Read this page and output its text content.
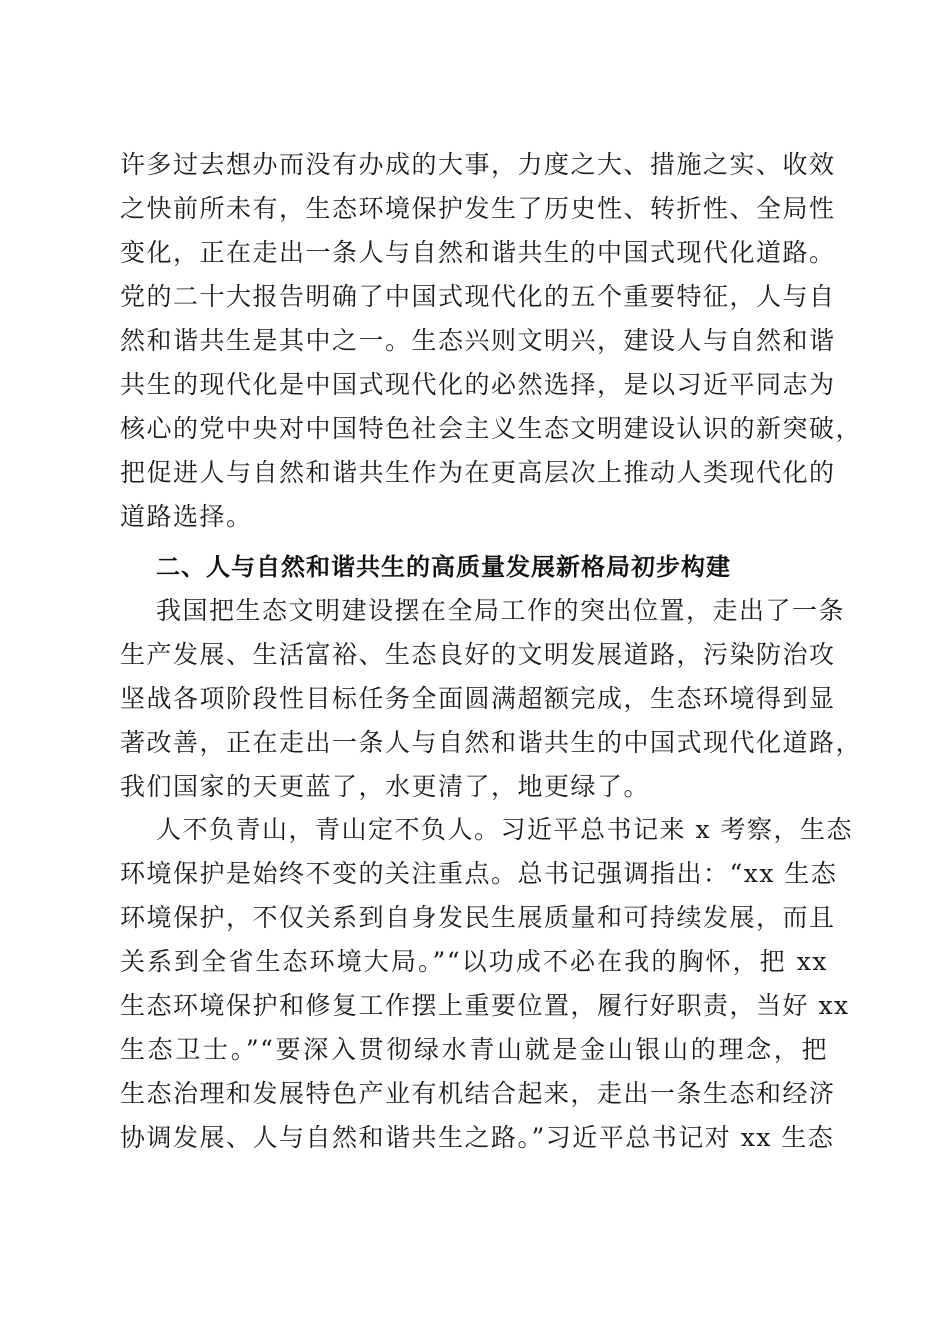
许多过去想办而没有办成的大事，力度之大、措施之实、收效
之快前所未有，生态环境保护发生了历史性、转折性、全局性
变化，正在走出一条人与自然和谐共生的中国式现代化道路。
党的二十大报告明确了中国式现代化的五个重要特征，人与自
然和谐共生是其中之一。生态兴则文明兴，建设人与自然和谐
共生的现代化是中国式现代化的必然选择，是以习近平同志为
核心的党中央对中国特色社会主义生态文明建设认识的新突破，
把促进人与自然和谐共生作为在更高层次上推动人类现代化的
道路选择。
二、人与自然和谐共生的高质量发展新格局初步构建
我国把生态文明建设摆在全局工作的突出位置，走出了一条
生产发展、生活富裕、生态良好的文明发展道路，污染防治攻
坚战各项阶段性目标任务全面圆满超额完成，生态环境得到显
著改善，正在走出一条人与自然和谐共生的中国式现代化道路，
我们国家的天更蓝了，水更清了，地更绿了。
人不负青山，青山定不负人。习近平总书记来 x 考察，生态
环境保护是始终不变的关注重点。总书记强调指出：“xx 生态
环境保护，不仅关系到自身发民生展质量和可持续发展，而且
关系到全省生态环境大局。”“以功成不必在我的胸怀，把 xx
生态环境保护和修复工作摆上重要位置，履行好职责，当好 xx
生态卫士。”“要深入贯彻绿水青山就是金山银山的理念，把
生态治理和发展特色产业有机结合起来，走出一条生态和经济
协调发展、人与自然和谐共生之路。”习近平总书记对 xx 生态
